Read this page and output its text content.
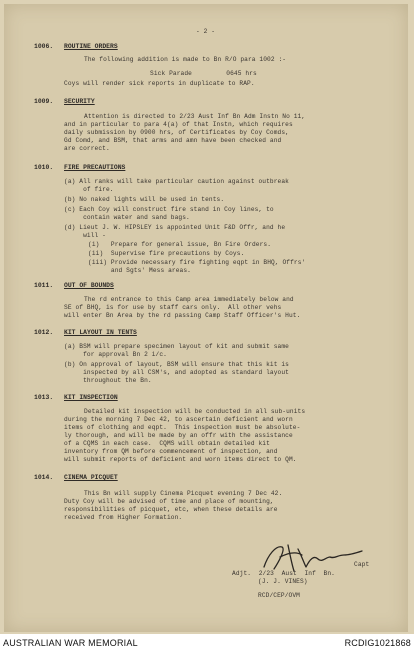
- 2 -
1006. ROUTINE ORDERS
The following addition is made to Bn R/O para 1002 :-
Sick Parade         0645 hrs
Coys will render sick reports in duplicate to RAP.
1009. SECURITY
Attention is directed to 2/23 Aust Inf Bn Adm Instn No 11,
and in particular to para 4(a) of that Instn, which requires
daily submission by 0900 hrs, of Certificates by Coy Comds,
Gd Comd, and BSM, that arms and amn have been checked and
are correct.
1010. FIRE PRECAUTIONS
(a) All ranks will take particular caution against outbreak
of fire.
(b) No naked lights will be used in tents.
(c) Each Coy will construct fire stand in Coy lines, to
contain water and sand bags.
(d) Lieut J. W. HIPSLEY is appointed Unit F&D Offr, and he
will -
(i)   Prepare for general issue, Bn Fire Orders.
(ii)  Supervise fire precautions by Coys.
(iii) Provide necessary fire fighting eqpt in BHQ, Offrs'
and Sgts' Mess areas.
1011. OUT OF BOUNDS
The rd entrance to this Camp area immediately below and
SE of BHQ, is for use by staff cars only.  All other vehs
will enter Bn Area by the rd passing Camp Staff Officer's Hut.
1012. KIT LAYOUT IN TENTS
(a) BSM will prepare specimen layout of kit and submit same
for approval Bn 2 i/c.
(b) On approval of layout, BSM will ensure that this kit is
inspected by all CSM's, and adopted as standard layout
throughout the Bn.
1013. KIT INSPECTION
Detailed kit inspection will be conducted in all sub-units
during the morning 7 Dec 42, to ascertain deficient and worn
items of clothing and eqpt.  This inspection must be absolute-
ly thorough, and will be made by an offr with the assistance
of a CQMS in each case.  CQMS will obtain detailed kit
inventory from QM before commencement of inspection, and
will submit reports of deficient and worn items direct to QM.
1014. CINEMA PICQUET
This Bn will supply Cinema Picquet evening 7 Dec 42.
Duty Coy will be advised of time and place of mounting,
responsibilities of picquet, etc, when these details are
received from Higher Formation.
Capt
Adjt.  2/23  Aust  Inf  Bn.
(J. J. VINES)
RCD/CEP/OVM
AUSTRALIAN WAR MEMORIAL	RCDIG1021868
